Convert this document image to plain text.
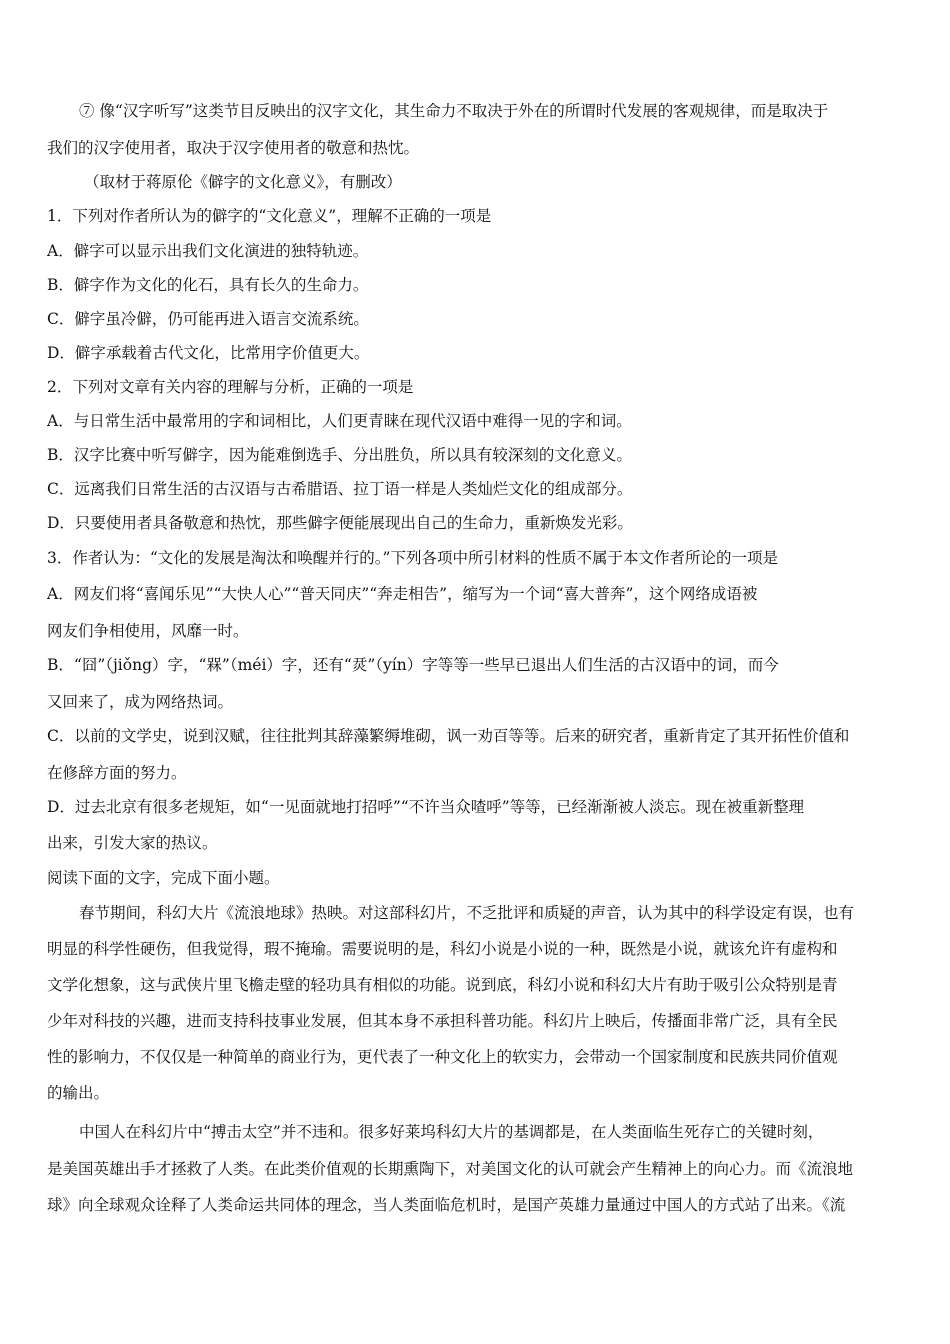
⑦ 像“汉字听写”这类节目反映出的汉字文化，其生命力不取决于外在的所谓时代发展的客观规律，而是取决于
我们的汉字使用者，取决于汉字使用者的敬意和热忱。
（取材于蒋原伦《僻字的文化意义》，有删改）
1．下列对作者所认为的僻字的“文化意义”，理解不正确的一项是
A．僻字可以显示出我们文化演进的独特轨迹。
B．僻字作为文化的化石，具有长久的生命力。
C．僻字虽冷僻，仍可能再进入语言交流系统。
D．僻字承载着古代文化，比常用字价值更大。
2．下列对文章有关内容的理解与分析，正确的一项是
A．与日常生活中最常用的字和词相比，人们更青睐在现代汉语中难得一见的字和词。
B．汉字比赛中听写僻字，因为能难倒选手、分出胜负，所以具有较深刻的文化意义。
C．远离我们日常生活的古汉语与古希腊语、拉丁语一样是人类灿烂文化的组成部分。
D．只要使用者具备敬意和热忱，那些僻字便能展现出自己的生命力，重新焕发光彩。
3．作者认为：“文化的发展是淘汰和唤醒并行的。”下列各项中所引材料的性质不属于本文作者所论的一项是
A．网友们将“喜闻乐见”“大快人心”“普天同庆”“奔走相告”，缩写为一个词“喜大普奔”，这个网络成语被
网友们争相使用，风靡一时。
B．“囧”（jiǒng）字，“槑”（méi）字，还有“烎”（yín）字等等一些早已退出人们生活的古汉语中的词，而今
又回来了，成为网络热词。
C．以前的文学史，说到汉赋，往往批判其辞藻繁缛堆砌，讽一劝百等等。后来的研究者，重新肯定了其开拓性价值和
在修辞方面的努力。
D．过去北京有很多老规矩，如“一见面就地打招呼”“不许当众喳呼”等等，已经渐渐被人淡忘。现在被重新整理
出来，引发大家的热议。
阅读下面的文字，完成下面小题。
春节期间，科幻大片《流浪地球》热映。对这部科幻片，不乏批评和质疑的声音，认为其中的科学设定有误，也有
明显的科学性硬伤，但我觉得，瑕不掩瑜。需要说明的是，科幻小说是小说的一种，既然是小说，就该允许有虚构和
文学化想象，这与武侠片里飞檐走壁的轻功具有相似的功能。说到底，科幻小说和科幻大片有助于吸引公众特别是青
少年对科技的兴趣，进而支持科技事业发展，但其本身不承担科普功能。科幻片上映后，传播面非常广泛，具有全民
性的影响力，不仅仅是一种简单的商业行为，更代表了一种文化上的软实力，会带动一个国家制度和民族共同价值观
的输出。
中国人在科幻片中“搏击太空”并不违和。很多好莱坞科幻大片的基调都是，在人类面临生死存亡的关键时刻，
是美国英雄出手才拯救了人类。在此类价值观的长期熏陶下，对美国文化的认可就会产生精神上的向心力。而《流浪地
球》向全球观众诠释了人类命运共同体的理念，当人类面临危机时，是国产英雄力量通过中国人的方式站了出来。《流
